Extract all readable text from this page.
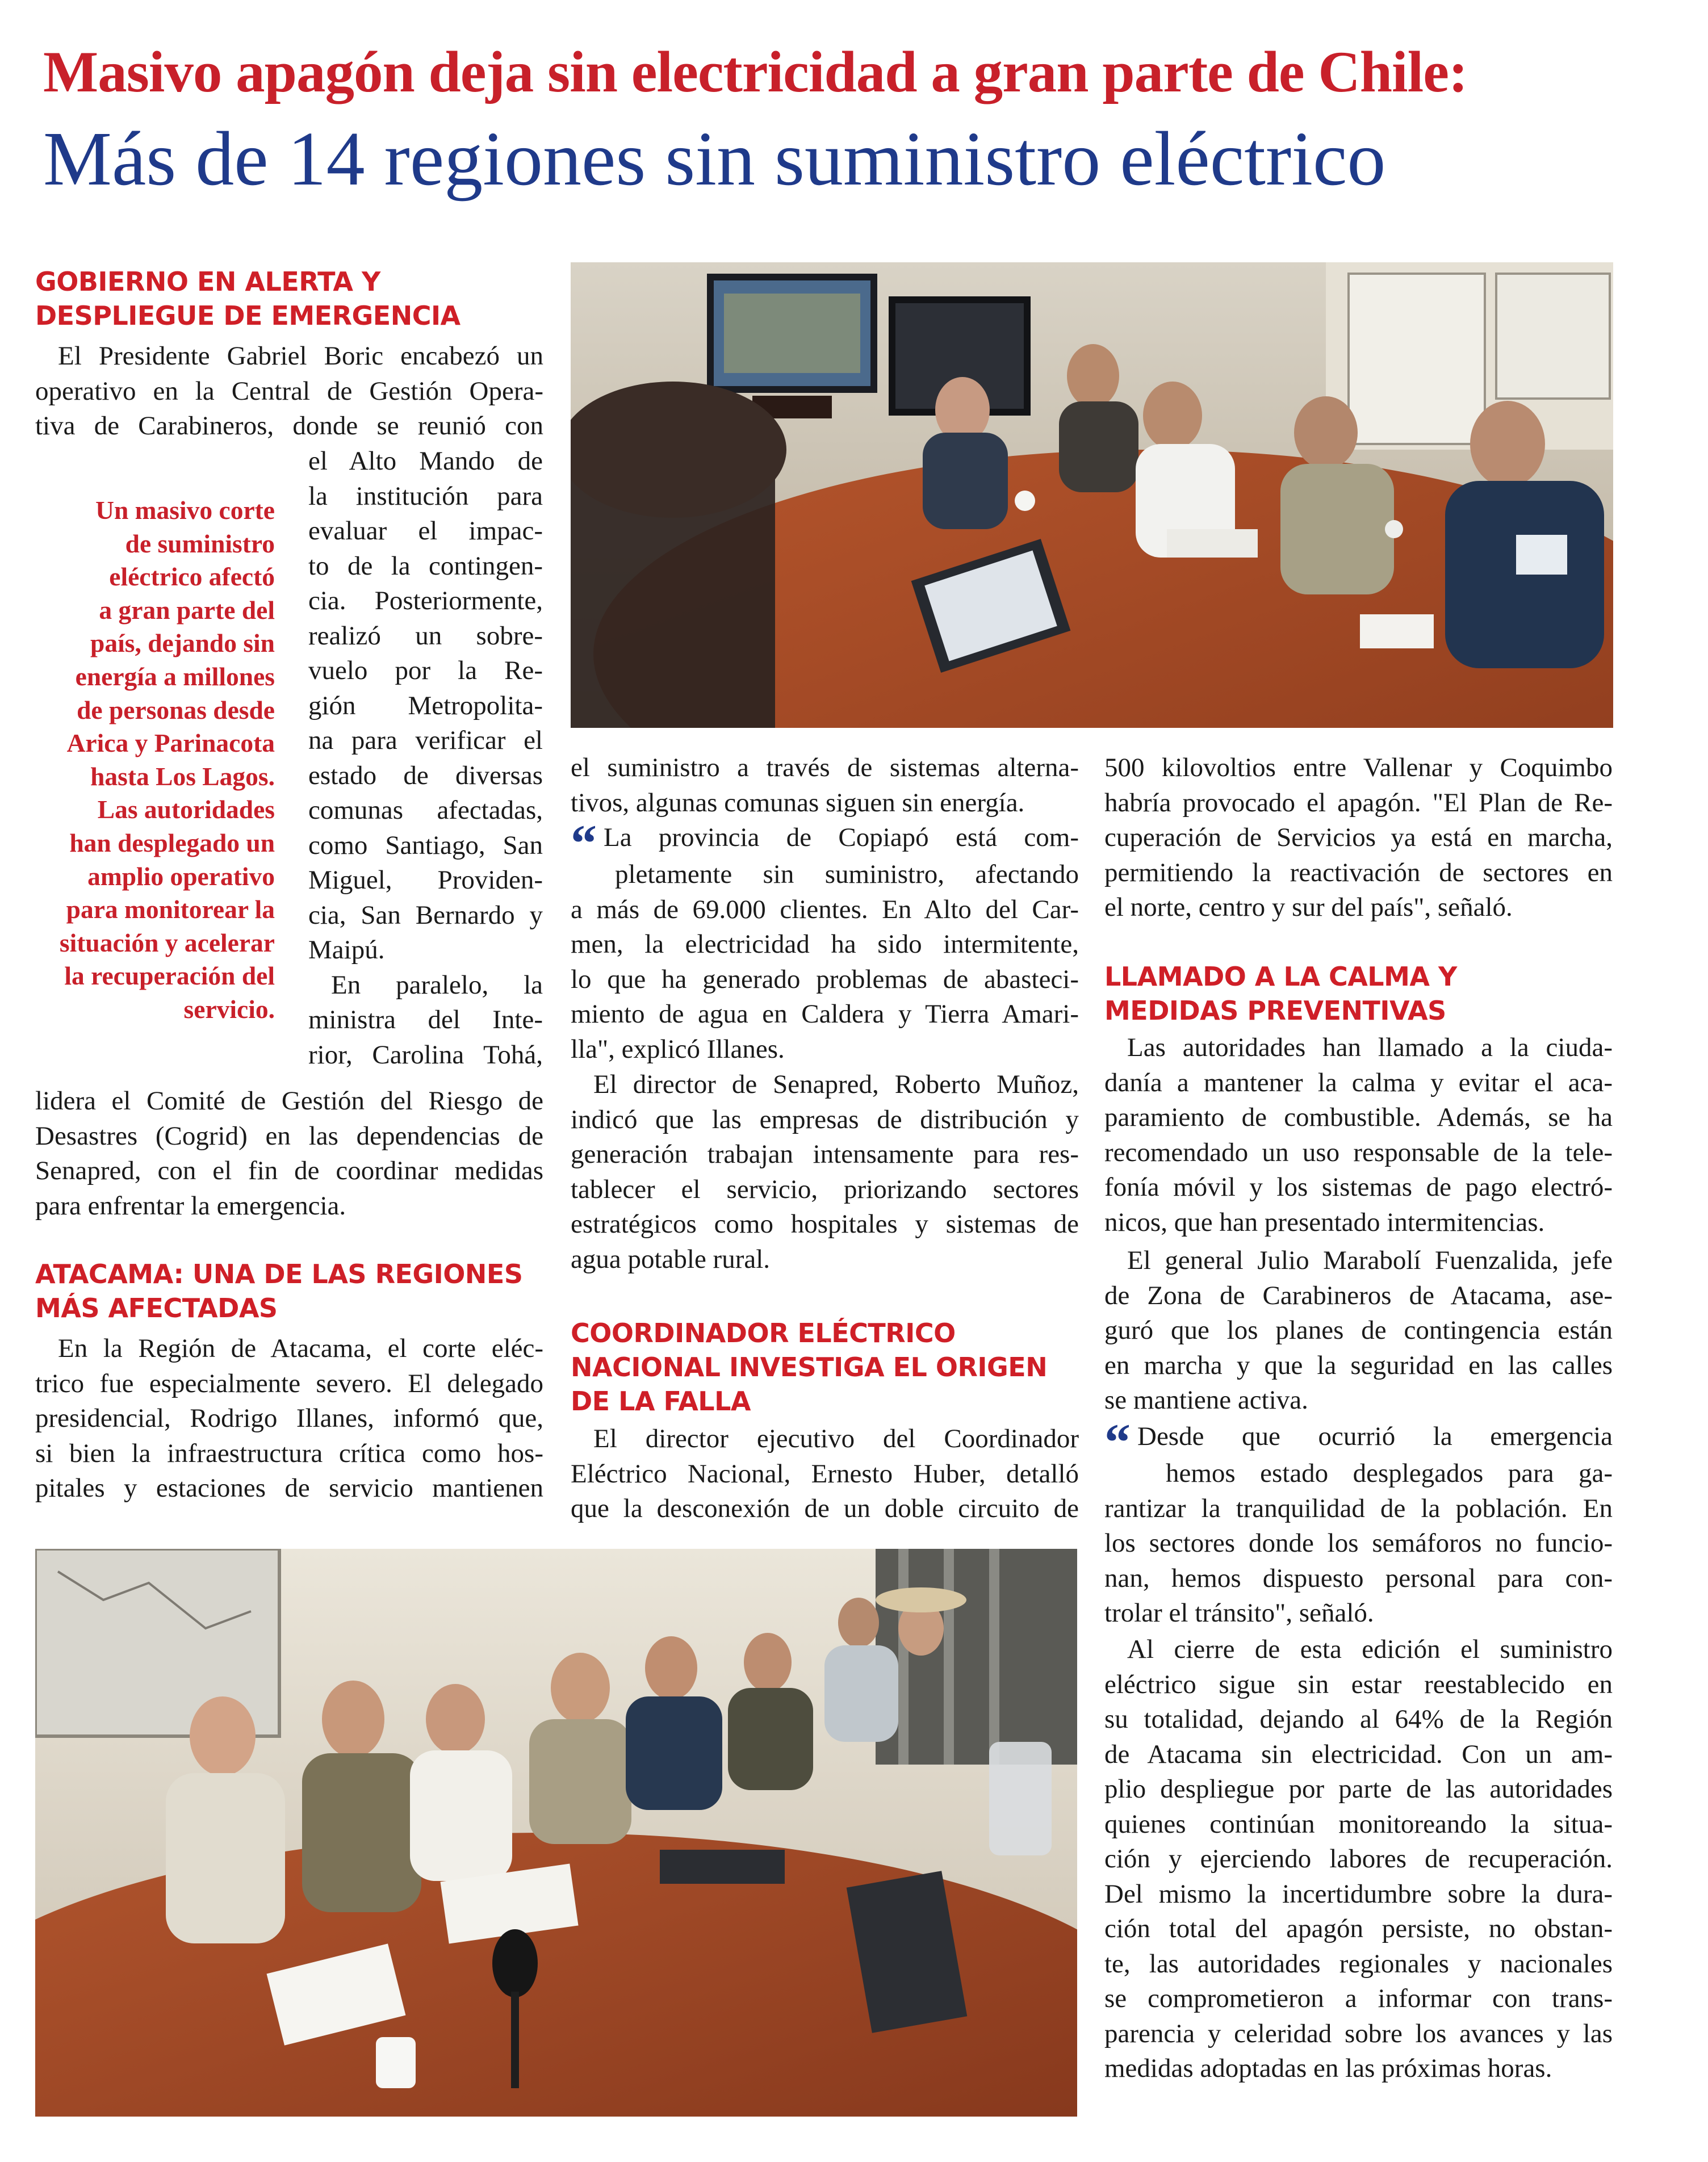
Masivo apagón deja sin electricidad a gran parte de Chile:
Más de 14 regiones sin suministro eléctrico
GOBIERNO EN ALERTA Y
DESPLIEGUE DE EMERGENCIA
El Presidente Gabriel Boric encabezó un
operativo en la Central de Gestión Opera-
tiva de Carabineros, donde se reunió con
Un masivo corte
de suministro
eléctrico afectó
a gran parte del
país, dejando sin
energía a millones
de personas desde
Arica y Parinacota
hasta Los Lagos.
Las autoridades
han desplegado un
amplio operativo
para monitorear la
situación y acelerar
la recuperación del
servicio.
el Alto Mando de
la institución para
evaluar el impac-
to de la contingen-
cia. Posteriormente,
realizó un sobre-
vuelo por la Re-
gión Metropolita-
na para verificar el
estado de diversas
comunas afectadas,
como Santiago, San
Miguel, Providen-
cia, San Bernardo y
Maipú.
En paralelo, la
ministra del Inte-
rior, Carolina Tohá,
lidera el Comité de Gestión del Riesgo de
Desastres (Cogrid) en las dependencias de
Senapred, con el fin de coordinar medidas
para enfrentar la emergencia.
ATACAMA: UNA DE LAS REGIONES
MÁS AFECTADAS
En la Región de Atacama, el corte eléc-
trico fue especialmente severo. El delegado
presidencial, Rodrigo Illanes, informó que,
si bien la infraestructura crítica como hos-
pitales y estaciones de servicio mantienen
el suministro a través de sistemas alterna-
tivos, algunas comunas siguen sin energía.
“ La provincia de Copiapó está com-
pletamente sin suministro, afectando
a más de 69.000 clientes. En Alto del Car-
men, la electricidad ha sido intermitente,
lo que ha generado problemas de abasteci-
miento de agua en Caldera y Tierra Amari-
lla", explicó Illanes.
El director de Senapred, Roberto Muñoz,
indicó que las empresas de distribución y
generación trabajan intensamente para res-
tablecer el servicio, priorizando sectores
estratégicos como hospitales y sistemas de
agua potable rural.
COORDINADOR ELÉCTRICO
NACIONAL INVESTIGA EL ORIGEN
DE LA FALLA
El director ejecutivo del Coordinador
Eléctrico Nacional, Ernesto Huber, detalló
que la desconexión de un doble circuito de
500 kilovoltios entre Vallenar y Coquimbo
habría provocado el apagón. "El Plan de Re-
cuperación de Servicios ya está en marcha,
permitiendo la reactivación de sectores en
el norte, centro y sur del país", señaló.
LLAMADO A LA CALMA Y
MEDIDAS PREVENTIVAS
Las autoridades han llamado a la ciuda-
danía a mantener la calma y evitar el aca-
paramiento de combustible. Además, se ha
recomendado un uso responsable de la tele-
fonía móvil y los sistemas de pago electró-
nicos, que han presentado intermitencias.
El general Julio Marabolí Fuenzalida, jefe
de Zona de Carabineros de Atacama, ase-
guró que los planes de contingencia están
en marcha y que la seguridad en las calles
se mantiene activa.
“ Desde que ocurrió la emergencia
hemos estado desplegados para ga-
rantizar la tranquilidad de la población. En
los sectores donde los semáforos no funcio-
nan, hemos dispuesto personal para con-
trolar el tránsito", señaló.
Al cierre de esta edición el suministro
eléctrico sigue sin estar reestablecido en
su totalidad, dejando al 64% de la Región
de Atacama sin electricidad. Con un am-
plio despliegue por parte de las autoridades
quienes continúan monitoreando la situa-
ción y ejerciendo labores de recuperación.
Del mismo la incertidumbre sobre la dura-
ción total del apagón persiste, no obstan-
te, las autoridades regionales y nacionales
se comprometieron a informar con trans-
parencia y celeridad sobre los avances y las
medidas adoptadas en las próximas horas.
